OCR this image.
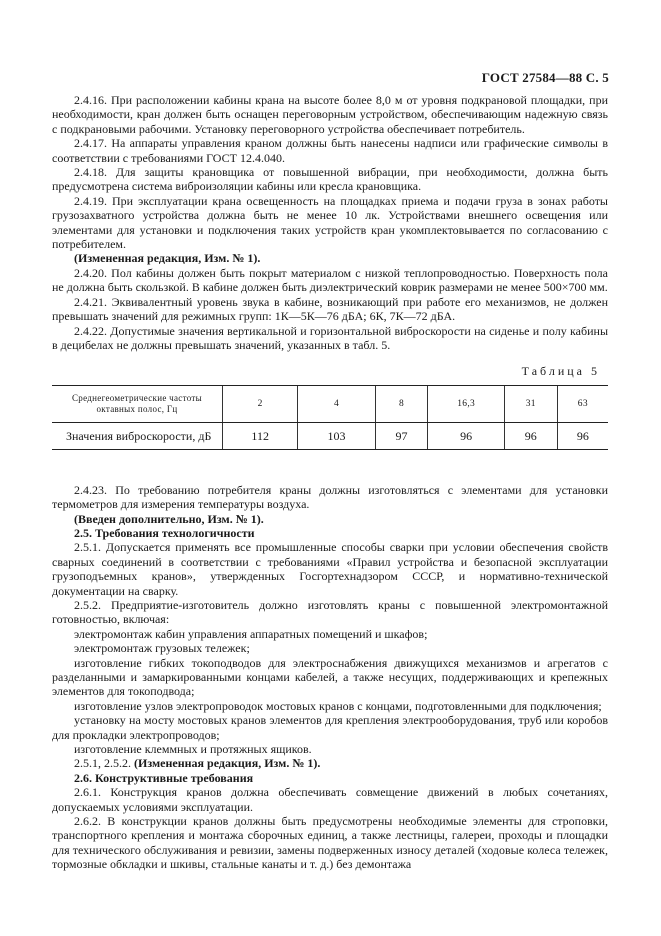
ГОСТ 27584—88 С. 5

2.4.16. При расположении кабины крана на высоте более 8,0 м от уровня подкрановой площадки, при необходимости, кран должен быть оснащен переговорным устройством, обеспечивающим надежную связь с подкрановыми рабочими. Установку переговорного устройства обеспечивает потребитель.

2.4.17. На аппараты управления краном должны быть нанесены надписи или графические символы в соответствии с требованиями ГОСТ 12.4.040.

2.4.18. Для защиты крановщика от повышенной вибрации, при необходимости, должна быть предусмотрена система виброизоляции кабины или кресла крановщика.

2.4.19. При эксплуатации крана освещенность на площадках приема и подачи груза в зонах работы грузозахватного устройства должна быть не менее 10 лк. Устройствами внешнего освещения или элементами для установки и подключения таких устройств кран укомплектовывается по согласованию с потребителем.

(Измененная редакция, Изм. № 1).

2.4.20. Пол кабины должен быть покрыт материалом с низкой теплопроводностью. Поверхность пола не должна быть скользкой. В кабине должен быть диэлектрический коврик размерами не менее 500×700 мм.

2.4.21. Эквивалентный уровень звука в кабине, возникающий при работе его механизмов, не должен превышать значений для режимных групп: 1К—5К—76 дБА; 6К, 7К—72 дБА.

2.4.22. Допустимые значения вертикальной и горизонтальной виброскорости на сиденье и полу кабины в децибелах не должны превышать значений, указанных в табл. 5.

Таблица 5
Среднегеометрические частоты октавных полос, Гц	2	4	8	16,3	31	63
Значения виброскорости, дБ	112	103	97	96	96	96

2.4.23. По требованию потребителя краны должны изготовляться с элементами для установки термометров для измерения температуры воздуха.

(Введен дополнительно, Изм. № 1).

2.5. Требования технологичности

2.5.1. Допускается применять все промышленные способы сварки при условии обеспечения свойств сварных соединений в соответствии с требованиями «Правил устройства и безопасной эксплуатации грузоподъемных кранов», утвержденных Госгортехнадзором СССР, и нормативно-технической документации на сварку.

2.5.2. Предприятие-изготовитель должно изготовлять краны с повышенной электромонтажной готовностью, включая:

электромонтаж кабин управления аппаратных помещений и шкафов;

электромонтаж грузовых тележек;

изготовление гибких токоподводов для электроснабжения движущихся механизмов и агрегатов с разделанными и замаркированными концами кабелей, а также несущих, поддерживающих и крепежных элементов для токоподвода;

изготовление узлов электропроводок мостовых кранов с концами, подготовленными для подключения;

установку на мосту мостовых кранов элементов для крепления электрооборудования, труб или коробов для прокладки электропроводов;

изготовление клеммных и протяжных ящиков.

2.5.1, 2.5.2. (Измененная редакция, Изм. № 1).

2.6. Конструктивные требования

2.6.1. Конструкция кранов должна обеспечивать совмещение движений в любых сочетаниях, допускаемых условиями эксплуатации.

2.6.2. В конструкции кранов должны быть предусмотрены необходимые элементы для строповки, транспортного крепления и монтажа сборочных единиц, а также лестницы, галереи, проходы и площадки для технического обслуживания и ревизии, замены подверженных износу деталей (ходовые колеса тележек, тормозные обкладки и шкивы, стальные канаты и т. д.) без демонтажа
